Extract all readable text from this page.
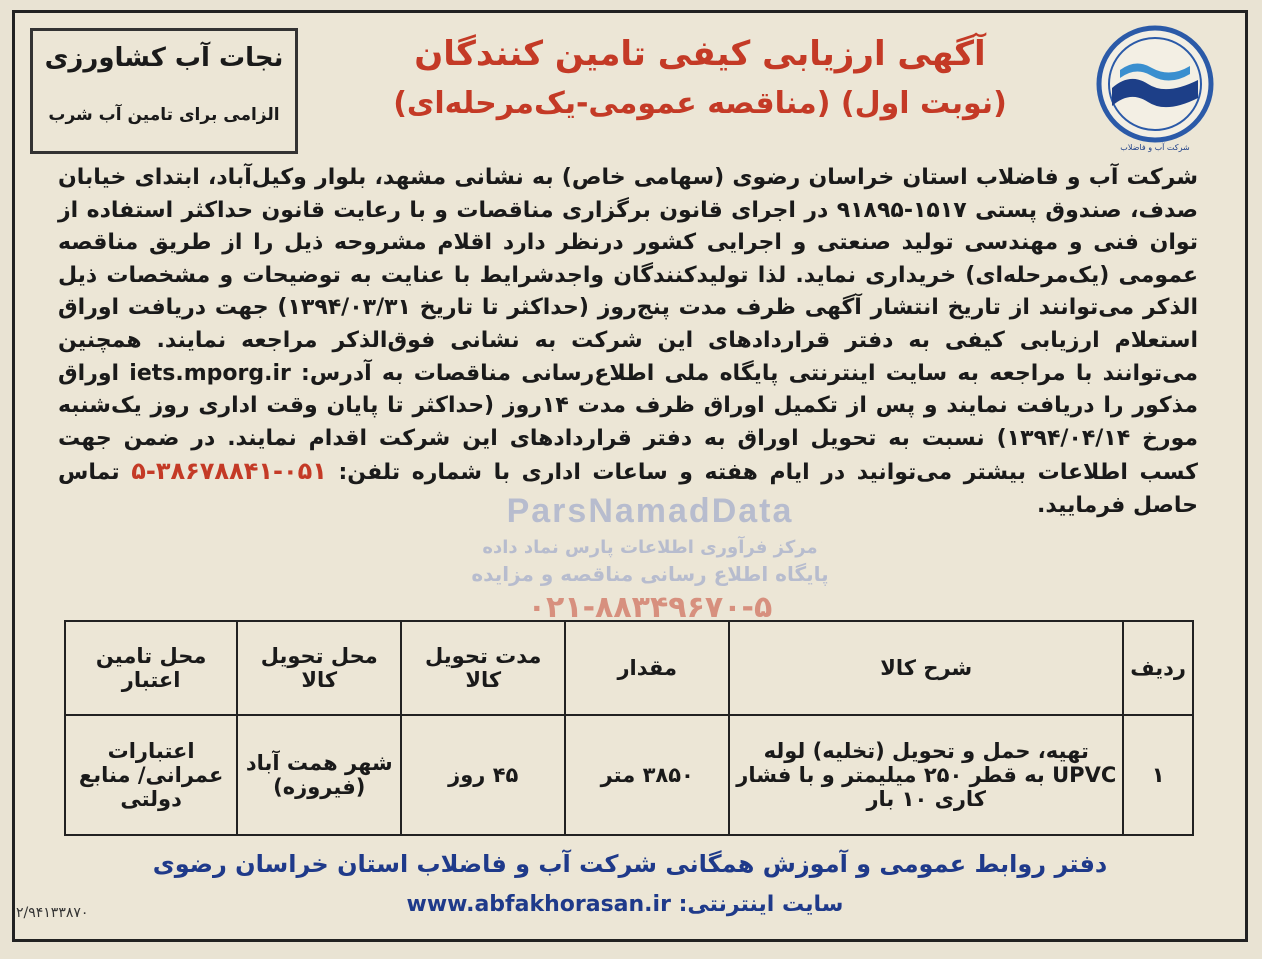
شرکت آب و فاضلاب
آگهی ارزیابی کیفی تامین کنندگان
(مناقصه عمومی-یک‌مرحله‌ای) (نوبت اول)
نجات آب کشاورزی
الزامی برای تامین آب شرب
شرکت آب و فاضلاب استان خراسان رضوی (سهامی خاص) به نشانی مشهد، بلوار وکیل‌آباد، ابتدای خیابان صدف، صندوق پستی ۱۵۱۷-۹۱۸۹۵ در اجرای قانون برگزاری مناقصات و با رعایت قانون حداکثر استفاده از توان فنی و مهندسی تولید صنعتی و اجرایی کشور درنظر دارد اقلام مشروحه ذیل را از طریق مناقصه عمومی (یک‌مرحله‌ای) خریداری نماید. لذا تولیدکنندگان واجدشرایط با عنایت به توضیحات و مشخصات ذیل الذکر می‌توانند از تاریخ انتشار آگهی ظرف مدت پنج‌روز (حداکثر تا تاریخ ۱۳۹۴/۰۳/۳۱) جهت دریافت اوراق استعلام ارزیابی کیفی به دفتر قراردادهای این شرکت به نشانی فوق‌الذکر مراجعه نمایند. همچنین می‌توانند با مراجعه به سایت اینترنتی پایگاه ملی اطلاع‌رسانی مناقصات به آدرس: iets.mporg.ir اوراق مذکور را دریافت نمایند و پس از تکمیل اوراق ظرف مدت ۱۴روز (حداکثر تا پایان وقت اداری روز یک‌شنبه مورخ ۱۳۹۴/۰۴/۱۴) نسبت به تحویل اوراق به دفتر قراردادهای این شرکت اقدام نمایند. در ضمن جهت کسب اطلاعات بیشتر می‌توانید در ایام هفته و ساعات اداری با شماره تلفن: ۰۵۱-۳۸۶۷۸۸۴۱-۵ تماس حاصل فرمایید.
ParsNamadData
مرکز فرآوری اطلاعات پارس نماد داده
پایگاه اطلاع رسانی مناقصه و مزایده
۰۲۱-۸۸۳۴۹۶۷۰-۵
ردیف	شرح کالا	مقدار	مدت تحویل کالا	محل تحویل کالا	محل تامین اعتبار
۱	تهیه، حمل و تحویل (تخلیه) لوله UPVC به قطر ۲۵۰ میلیمتر و با فشار کاری ۱۰ بار	۳۸۵۰ متر	۴۵ روز	شهر همت آباد (فیروزه)	اعتبارات عمرانی/ منابع دولتی
دفتر روابط عمومی و آموزش همگانی شرکت آب و فاضلاب استان خراسان رضوی
سایت اینترنتی: www.abfakhorasan.ir
۲/۹۴۱۳۳۸۷۰
